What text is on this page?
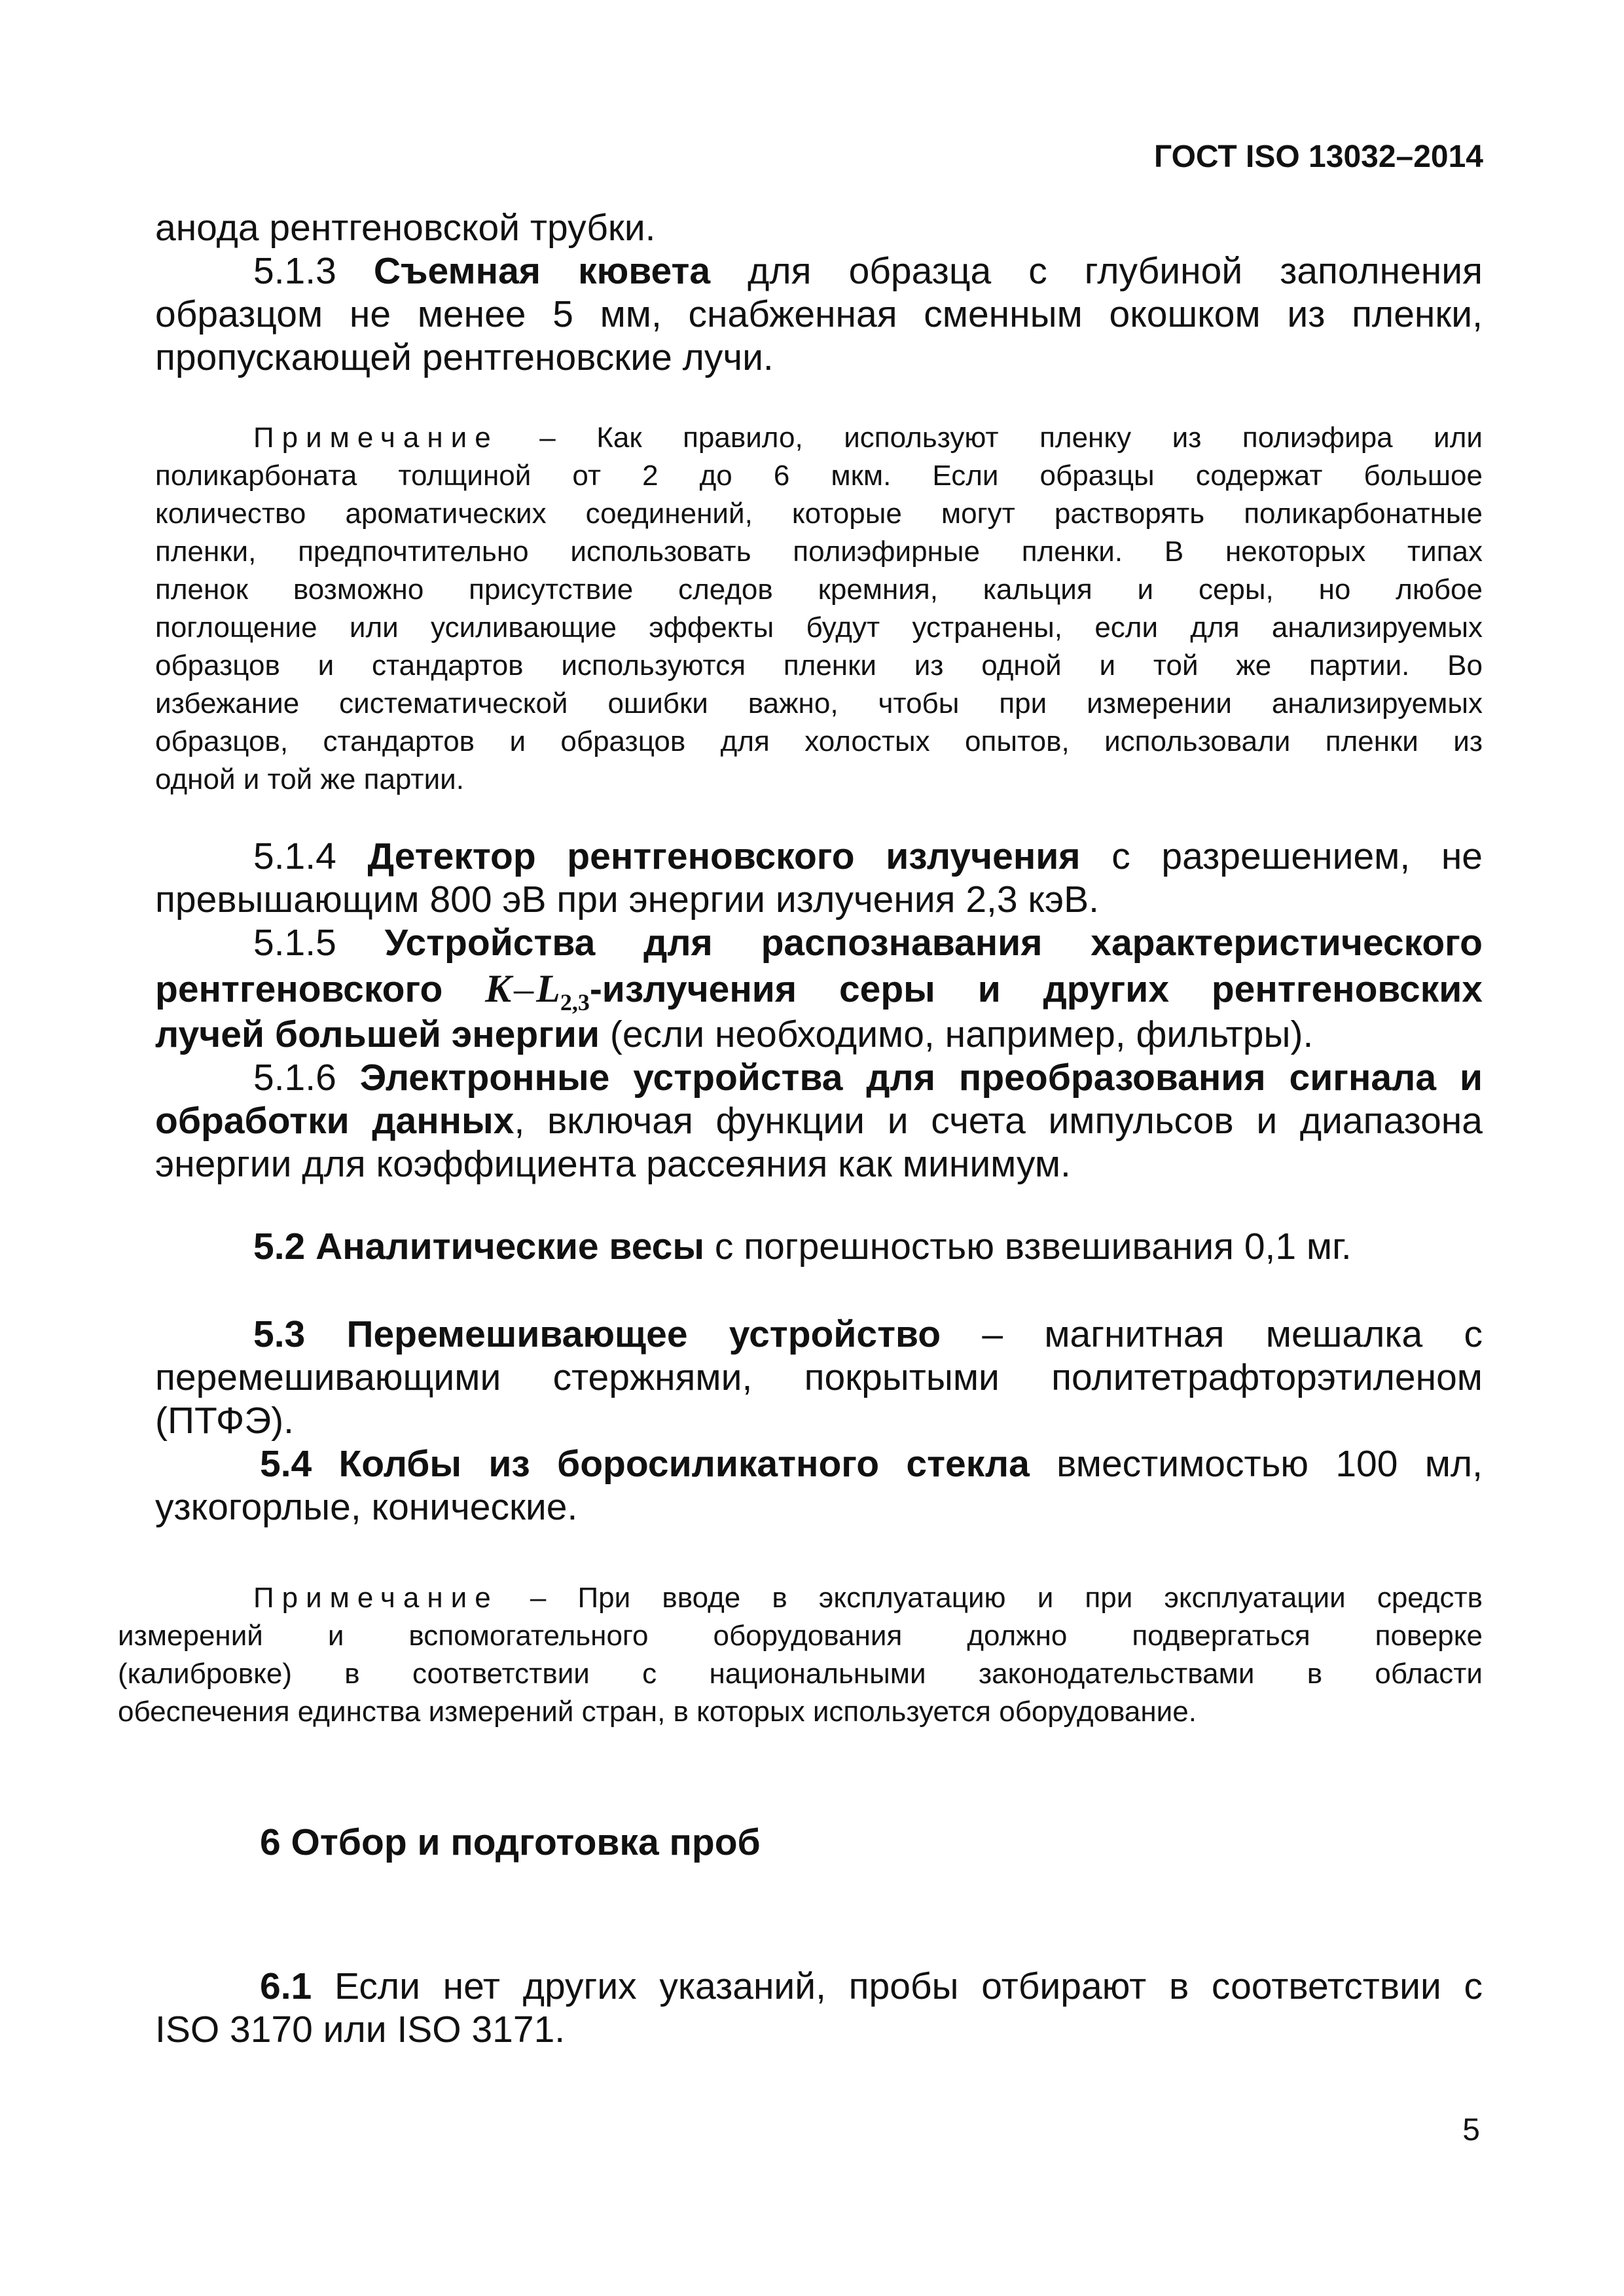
ГОСТ ISO 13032–2014
анода рентгеновской трубки.
5.1.3 Съемная кювета для образца с глубиной заполнения
образцом не менее 5 мм, снабженная сменным окошком из пленки,
пропускающей рентгеновские лучи.
Примечание – Как правило, используют пленку из полиэфира или
поликарбоната толщиной от 2 до 6 мкм. Если образцы содержат большое
количество ароматических соединений, которые могут растворять поликарбонатные
пленки, предпочтительно использовать полиэфирные пленки. В некоторых типах
пленок возможно присутствие следов кремния, кальция и серы, но любое
поглощение или усиливающие эффекты будут устранены, если для анализируемых
образцов и стандартов используются пленки из одной и той же партии. Во
избежание систематической ошибки важно, чтобы при измерении анализируемых
образцов, стандартов и образцов для холостых опытов, использовали пленки из
одной и той же партии.
5.1.4 Детектор рентгеновского излучения с разрешением, не
превышающим 800 эВ при энергии излучения 2,3 кэВ.
5.1.5 Устройства для распознавания характеристического
рентгеновского $K-L_{2,3}$-излучения серы и других рентгеновских
лучей большей энергии (если необходимо, например, фильтры).
5.1.6 Электронные устройства для преобразования сигнала и
обработки данных, включая функции и счета импульсов и диапазона
энергии для коэффициента рассеяния как минимум.
5.2 Аналитические весы с погрешностью взвешивания 0,1 мг.
5.3 Перемешивающее устройство – магнитная мешалка с
перемешивающими стержнями, покрытыми политетрафторэтиленом
(ПТФЭ).
5.4 Колбы из боросиликатного стекла вместимостью 100 мл,
узкогорлые, конические.
Примечание – При вводе в эксплуатацию и при эксплуатации средств
измерений и вспомогательного оборудования должно подвергаться поверке
(калибровке) в соответствии с национальными законодательствами в области
обеспечения единства измерений стран, в которых используется оборудование.
6 Отбор и подготовка проб
6.1 Если нет других указаний, пробы отбирают в соответствии с
ISO 3170 или ISO 3171.
5
